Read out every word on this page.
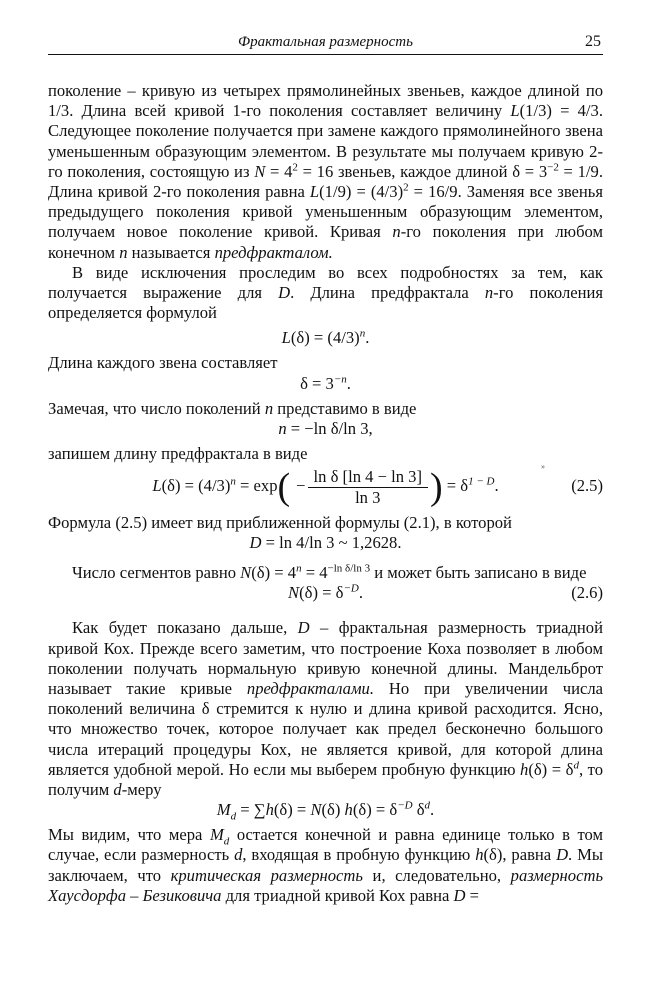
Фрактальная размерность	25
»

поколение – кривую из четырех прямолинейных звеньев, каждое длиной по 1/3. Длина всей кривой 1-го поколения составляет величину L(1/3) = 4/3. Следующее поколение получается при замене каждого прямолинейного звена уменьшенным образующим элементом. В результате мы получаем кривую 2-го поколения, состоящую из $N = 4^2 = 16$ звеньев, каждое длиной $\delta = 3^{-2} = 1/9$. Длина кривой 2-го поколения равна $L(1/9) = (4/3)^2 = 16/9$. Заменяя все звенья предыдущего поколения кривой уменьшенным образующим элементом, получаем новое поколение кривой. Кривая n-го поколения при любом конечном n называется предфракталом.

В виде исключения проследим во всех подробностях за тем, как получается выражение для D. Длина предфрактала n-го поколения определяется формулой

$L(\delta) = (4/3)^n$.

Длина каждого звена составляет

$\delta = 3^{-n}$.

Замечая, что число поколений n представимо в виде

n = −ln δ/ln 3,

запишем длину предфрактала в виде

$L(\delta) = (4/3)^n = \exp( - \frac{\text{ln δ [ln 4 − ln 3]}}{\ln 3}$ ) = $\delta^{1 - D}$.	(2.5)

Формула (2.5) имеет вид приближенной формулы (2.1), в которой

D = ln 4/ln 3 ~ 1,2628.

Число сегментов равно $N(\delta) = 4^n = 4^{-ln \delta/ln 3}$ и может быть записано в виде

$N(\delta) = \delta^{-D}$.	(2.6)

Как будет показано дальше, D – фрактальная размерность триадной кривой Кох. Прежде всего заметим, что построение Коха позволяет в любом поколении получать нормальную кривую конечной длины. Мандельброт называет такие кривые предфракталами. Но при увеличении числа поколений величина δ стремится к нулю и длина кривой расходится. Ясно, что множество точек, которое получает как предел бесконечно большого числа итераций процедуры Кох, не является кривой, для которой длина является удобной мерой. Но если мы выберем пробную функцию $h(\delta) = \delta^d$, то получим d-меру

$M_d = \sum h(\delta) = N(\delta) h(\delta) = \delta^{-D}$ $\delta^d$.

Мы видим, что мера $M_d$ остается конечной и равна единице только в том случае, если размерность d, входящая в пробную функцию h(δ), равна D. Мы заключаем, что критическая размерность и, следовательно, размерность Хаусдорфа – Безиковича для триадной кривой Кох равна D =
